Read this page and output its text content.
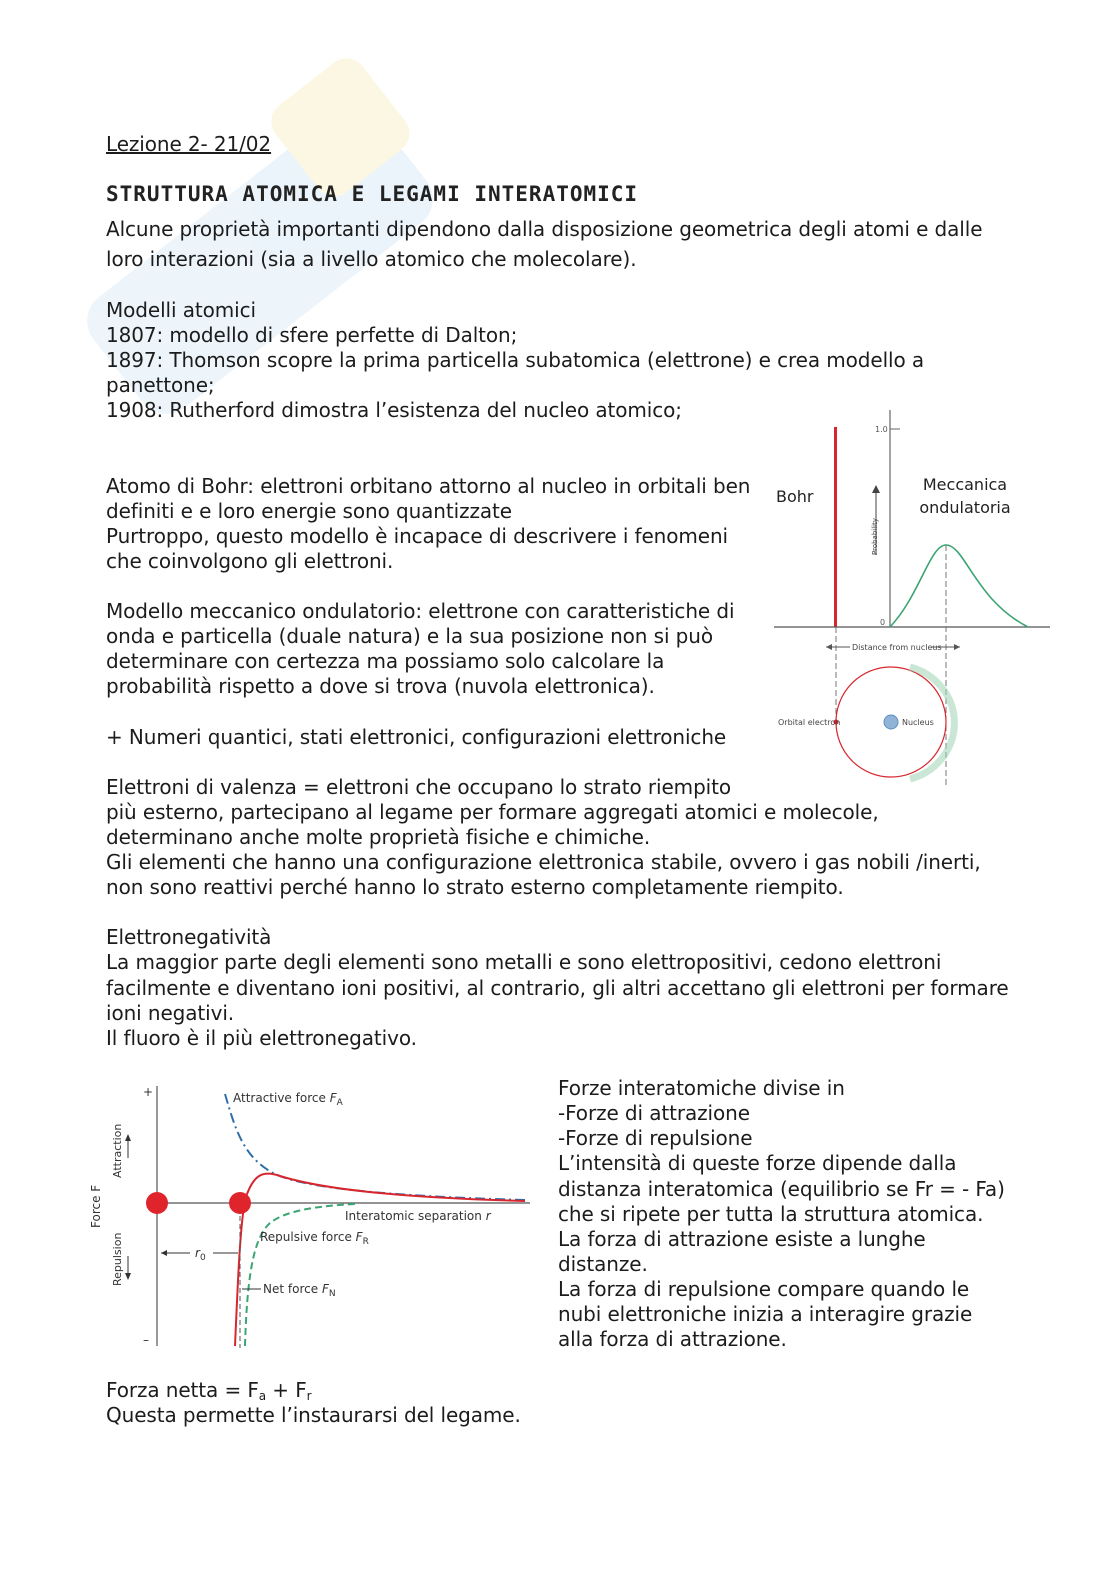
Lezione 2- 21/02

STRUTTURA ATOMICA E LEGAMI INTERATOMICI

Alcune proprietà importanti dipendono dalla disposizione geometrica degli atomi e dalle

loro interazioni (sia a livello atomico che molecolare).

Modelli atomici

1807: modello di sfere perfette di Dalton;

1897: Thomson scopre la prima particella subatomica (elettrone) e crea modello a

panettone;

1908: Rutherford dimostra l’esistenza del nucleo atomico;

Atomo di Bohr: elettroni orbitano attorno al nucleo in orbitali ben

definiti e e loro energie sono quantizzate

Purtroppo, questo modello è incapace di descrivere i fenomeni

che coinvolgono gli elettroni.

Modello meccanico ondulatorio: elettrone con caratteristiche di

onda e particella (duale natura) e la sua posizione non si può

determinare con certezza ma possiamo solo calcolare la

probabilità rispetto a dove si trova (nuvola elettronica).

+ Numeri quantici, stati elettronici, configurazioni elettroniche

Elettroni di valenza = elettroni che occupano lo strato riempito

più esterno, partecipano al legame per formare aggregati atomici e molecole,

determinano anche molte proprietà fisiche e chimiche.

Gli elementi che hanno una configurazione elettronica stabile, ovvero i gas nobili /inerti,

non sono reattivi perché hanno lo strato esterno completamente riempito.

Elettronegatività

La maggior parte degli elementi sono metalli e sono elettropositivi, cedono elettroni

facilmente e diventano ioni positivi, al contrario, gli altri accettano gli elettroni per formare

ioni negativi.

Il fluoro è il più elettronegativo.

Forze interatomiche divise in

-Forze di attrazione

-Forze di repulsione

L’intensità di queste forze dipende dalla

distanza interatomica (equilibrio se Fr = - Fa)

che si ripete per tutta la struttura atomica.

La forza di attrazione esiste a lunghe

distanze.

La forza di repulsione compare quando le

nubi elettroniche inizia a interagire grazie

alla forza di attrazione.

Forza netta = $F_a + F_r$

Questa permette l’instaurarsi del legame.

Bohr
Meccanica
ondulatoria
1.0
0
Probability
Distance from nucleus
Orbital electron	Nucleus
+
–
Force F
Attraction
Repulsion
Attractive force $F_A$
Interatomic separation r
Repulsive force $F_R$
Net force $F_N$
$r_0$
